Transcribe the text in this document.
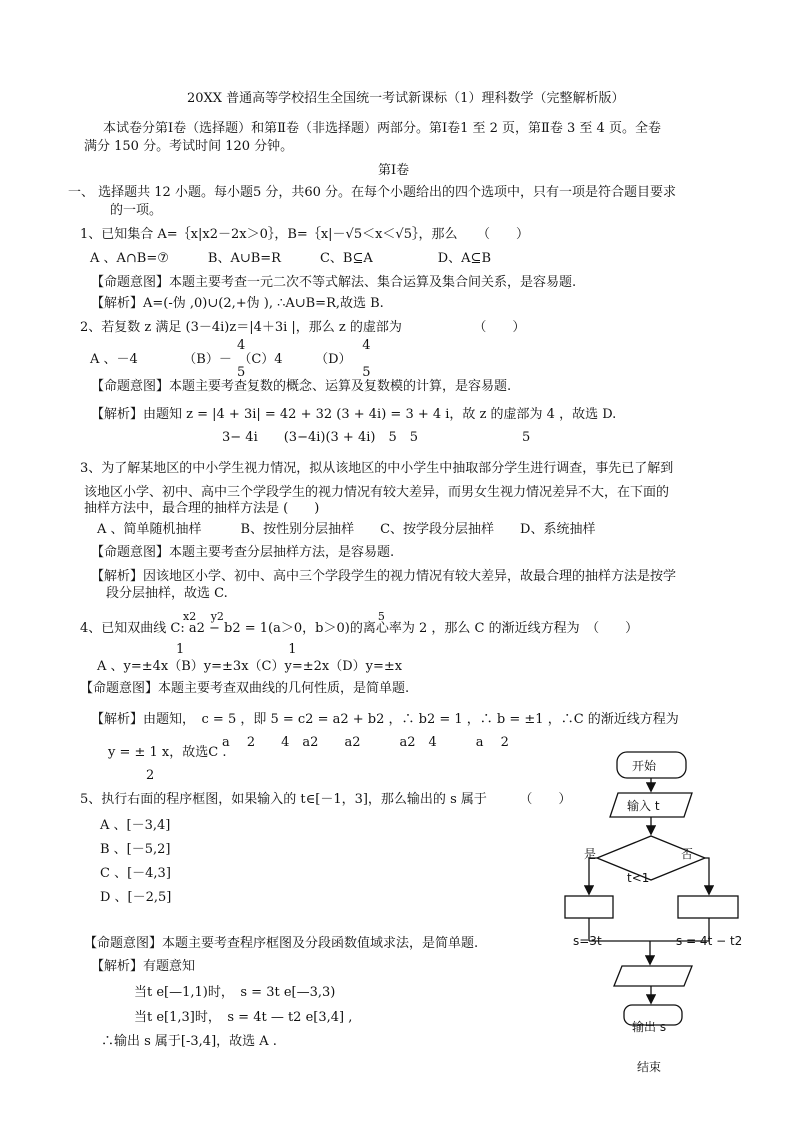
20XX 普通高等学校招生全国统一考试新课标（1）理科数学（完整解析版）
本试卷分第Ⅰ卷（选择题）和第Ⅱ卷（非选择题）两部分。第Ⅰ卷1 至 2 页，第Ⅱ卷 3 至 4 页。全卷
满分 150 分。考试时间 120 分钟。
第Ⅰ卷
一、 选择题共 12 小题。每小题5 分，共60 分。在每个小题给出的四个选项中，只有一项是符合题目要求
的一项。
1、已知集合 A=｛x|x2－2x＞0｝，B=｛x|－√5＜x＜√5｝，那么　　（　　）
A 、A∩B=⑦　　　B、A∪B=R　　　C、B⊆A　　　　　D、A⊆B
【命题意图】本题主要考查一元二次不等式解法、集合运算及集合间关系，是容易题.
【解析】A=(-伪 ,0)∪(2,+伪 ), ∴A∪B=R,故选 B.
2、若复数 z 满足 (3－4i)z＝|4＋3i |，那么 z 的虚部为　　　　　　（　　）
4　　　　　　　　　4
A 、－4　　　　（B）－　（C）4　　　（D）
5　　　　　　　　　5
【命题意图】本题主要考查复数的概念、运算及复数模的计算，是容易题.
【解析】由题知 z = |4 + 3i| = 42 + 32 (3 + 4i) = 3 + 4 i，故 z 的虚部为 4 ，故选 D.
3− 4i　　(3−4i)(3 + 4i)　5　5　　　　　　　　5
3、为了解某地区的中小学生视力情况，拟从该地区的中小学生中抽取部分学生进行调查，事先已了解到
该地区小学、初中、高中三个学段学生的视力情况有较大差异，而男女生视力情况差异不大，在下面的
抽样方法中，最合理的抽样方法是 (　　)
A 、简单随机抽样　　　B、按性别分层抽样　　C、按学段分层抽样　　D、系统抽样
【命题意图】本题主要考查分层抽样方法，是容易题.
【解析】因该地区小学、初中、高中三个学段学生的视力情况有较大差异，故最合理的抽样方法是按学
段分层抽样，故选 C.
x2　 y2　　　　　　　　　　　　　　5
4、已知双曲线 C: a2 − b2 = 1(a＞0，b＞0)的离心率为 2 ，那么 C 的渐近线方程为　（　　）
1　　　　　　　　1
A 、y=±4x（B）y=±3x（C）y=±2x（D）y=±x
【命题意图】本题主要考查双曲线的几何性质，是简单题.
【解析】由题知，　c = 5 ，即 5 = c2 = a2 + b2 ，∴ b2 = 1 ，∴ b = ±1 ，∴C 的渐近线方程为
a　 2　　4　a2　　a2　　　a2　4　　　a　 2
y = ± 1 x，故选C .
2
5、执行右面的程序框图，如果输入的 t∈[－1，3]，那么输出的 s 属于　　　（　　）
A 、[－3,4]
B 、[－5,2]
C 、[－4,3]
D 、[－2,5]
【命题意图】本题主要考查程序框图及分段函数值域求法，是简单题.
【解析】有题意知
当t e[—1,1)时，　s = 3t e[—3,3)
当t e[1,3]时，　s = 4t — t2 e[3,4] ,
∴输出 s 属于[-3,4]，故选 A .
开始
输入 t
t<1
是	否
s=3t	s = 4t − t2
输出 s
结束
